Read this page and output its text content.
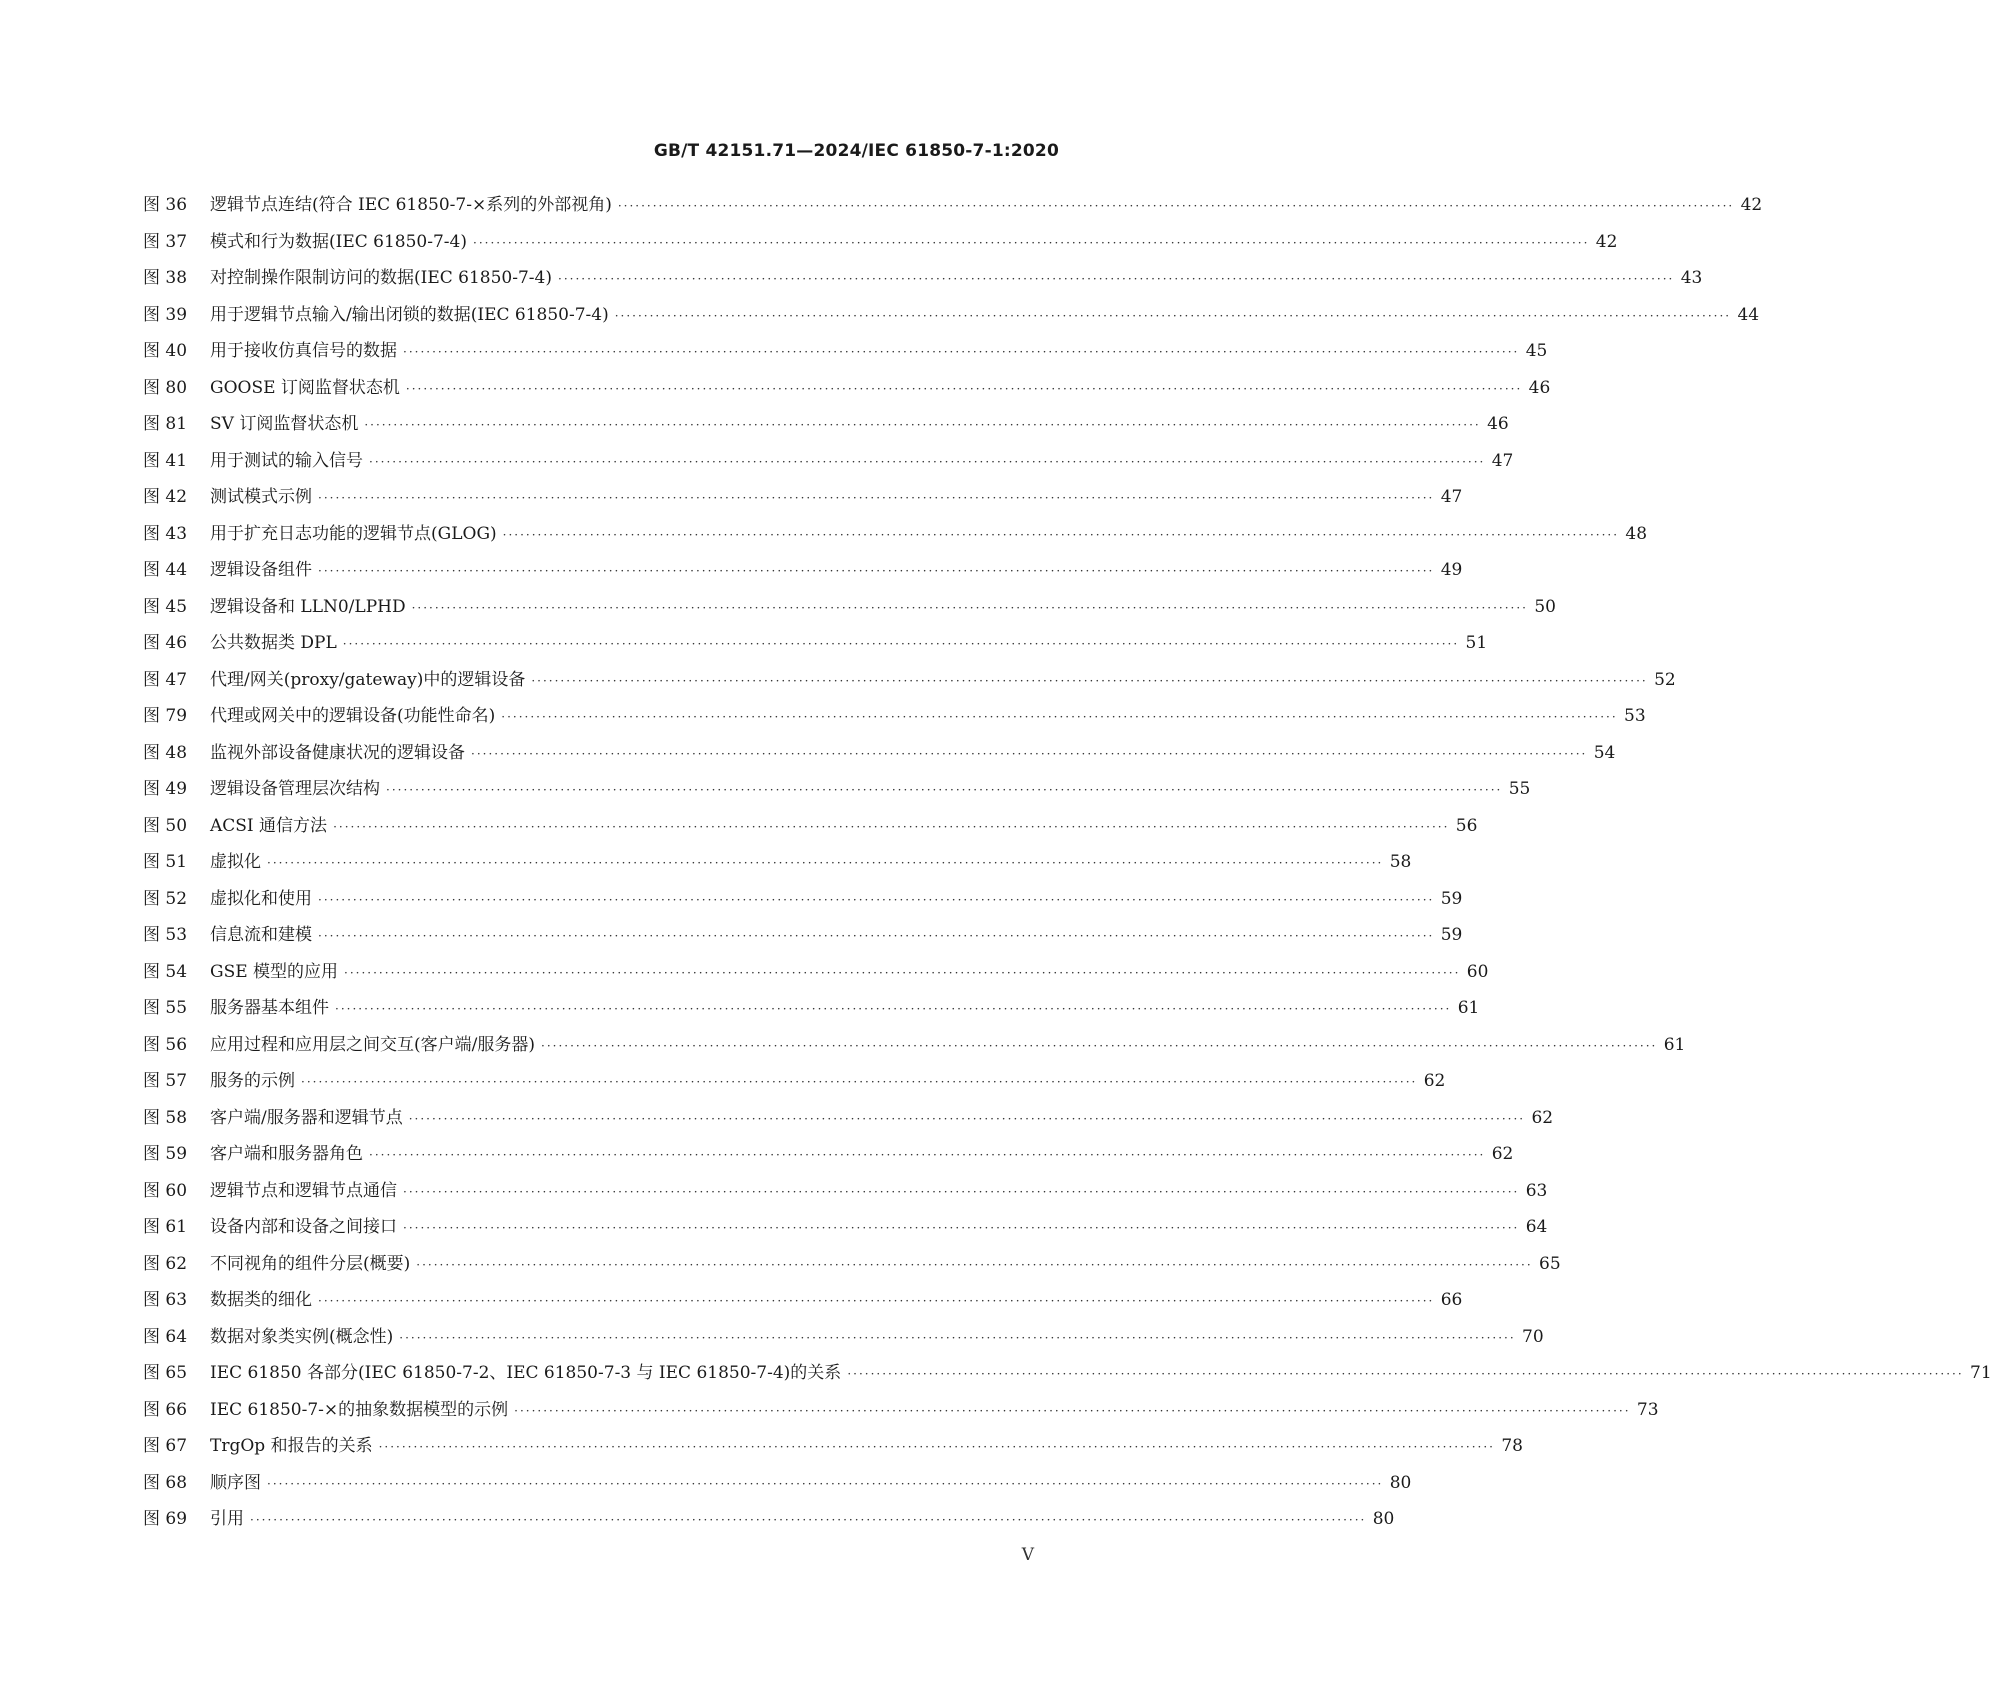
GB/T 42151.71—2024/IEC 61850-7-1:2020
图 36	逻辑节点连结(符合 IEC 61850-7-×系列的外部视角) ·····	42
图 37	模式和行为数据(IEC 61850-7-4) ·····	42
图 38	对控制操作限制访问的数据(IEC 61850-7-4) ·····	43
图 39	用于逻辑节点输入/输出闭锁的数据(IEC 61850-7-4) ·····	44
图 40	用于接收仿真信号的数据 ·····	45
图 80	GOOSE 订阅监督状态机 ·····	46
图 81	SV 订阅监督状态机 ·····	46
图 41	用于测试的输入信号 ·····	47
图 42	测试模式示例 ·····	47
图 43	用于扩充日志功能的逻辑节点(GLOG) ·····	48
图 44	逻辑设备组件 ·····	49
图 45	逻辑设备和 LLN0/LPHD ·····	50
图 46	公共数据类 DPL ·····	51
图 47	代理/网关(proxy/gateway)中的逻辑设备 ·····	52
图 79	代理或网关中的逻辑设备(功能性命名) ·····	53
图 48	监视外部设备健康状况的逻辑设备 ·····	54
图 49	逻辑设备管理层次结构 ·····	55
图 50	ACSI 通信方法 ·····	56
图 51	虚拟化 ·····	58
图 52	虚拟化和使用 ·····	59
图 53	信息流和建模 ·····	59
图 54	GSE 模型的应用 ·····	60
图 55	服务器基本组件 ·····	61
图 56	应用过程和应用层之间交互(客户端/服务器) ·····	61
图 57	服务的示例 ·····	62
图 58	客户端/服务器和逻辑节点 ·····	62
图 59	客户端和服务器角色 ·····	62
图 60	逻辑节点和逻辑节点通信 ·····	63
图 61	设备内部和设备之间接口 ·····	64
图 62	不同视角的组件分层(概要) ·····	65
图 63	数据类的细化 ·····	66
图 64	数据对象类实例(概念性) ·····	70
图 65	IEC 61850 各部分(IEC 61850-7-2、IEC 61850-7-3 与 IEC 61850-7-4)的关系 ·····	71
图 66	IEC 61850-7-×的抽象数据模型的示例 ·····	73
图 67	TrgOp 和报告的关系 ·····	78
图 68	顺序图 ·····	80
图 69	引用 ·····	80
V
